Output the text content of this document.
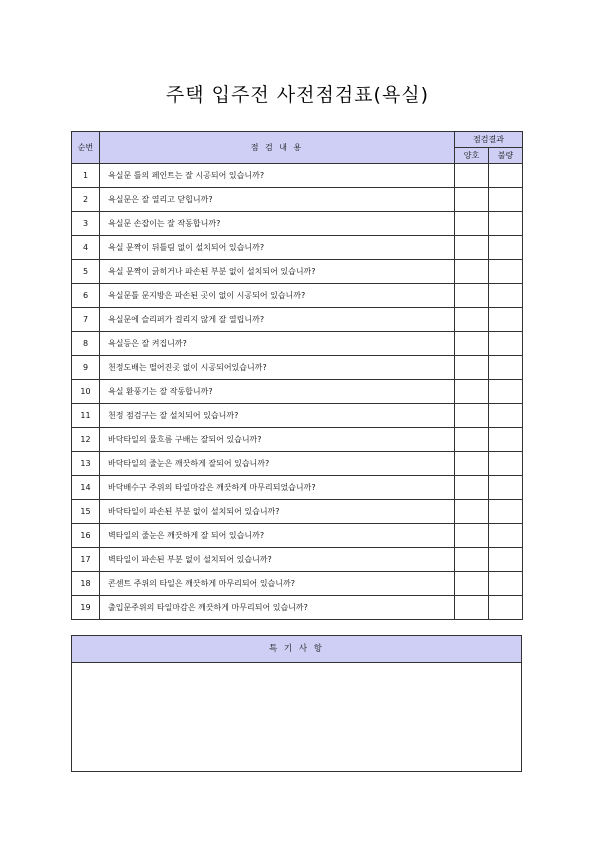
주택 입주전 사전점검표(욕실)
순번	점 검 내 용	점검결과	
		양호	불량
1	욕실문 틀의 페인트는 잘 시공되어 있습니까?		
2	욕실문은 잘 열리고 닫힙니까?		
3	욕실문 손잡이는 잘 작동합니까?		
4	욕실 문짝이 뒤틀림 없이 설치되어 있습니까?		
5	욕실 문짝이 긁히거나 파손된 부분 없이 설치되어 있습니까?		
6	욕실문틀 문지방은 파손된 곳이 없이 시공되어 있습니까?		
7	욕실문에 슬리퍼가 걸리지 않게 잘 열립니까?		
8	욕실등은 잘 켜집니까?		
9	천정도배는 떨어진곳 없이 시공되어있습니까?		
10	욕실 환풍기는 잘 작동합니까?		
11	천정 점검구는 잘 설치되어 있습니까?		
12	바닥타일의 물흐름 구배는 잘되어 있습니까?		
13	바닥타일의 줄눈은 깨끗하게 잘되어 있습니까?		
14	바닥배수구 주위의 타일마감은 깨끗하게 마무리되었습니까?		
15	바닥타일이 파손된 부분 없이 설치되어 있습니까?		
16	벽타일의 줄눈은 깨끗하게 잘 되어 있습니까?		
17	벽타일이 파손된 부분 없이 설치되어 있습니까?		
18	콘센트 주위의 타일은 깨끗하게 마무리되어 있습니까?		
19	출입문주위의 타일마감은 깨끗하게 마무리되어 있습니까?		
특 기 사 항
